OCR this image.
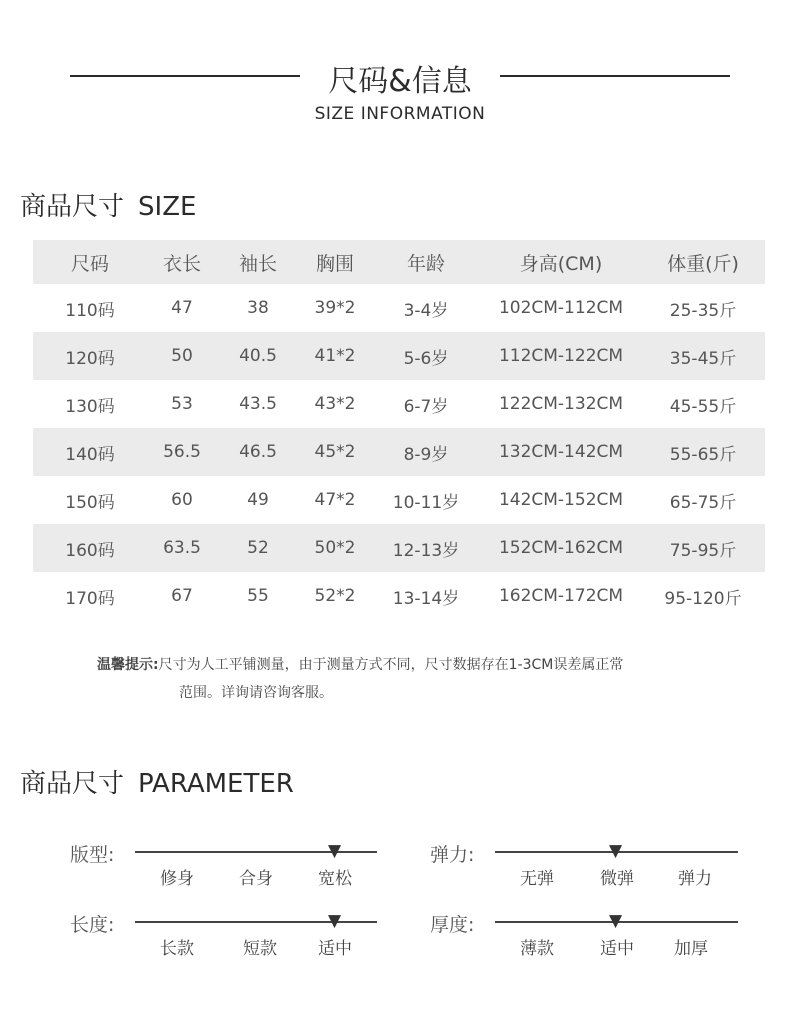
尺码&信息
SIZE INFORMATION
商品尺寸 SIZE
尺码	衣长	袖长	胸围	年龄	身高(CM)	体重(斤)
110码	47	38	39*2	3-4岁	102CM-112CM	25-35斤
120码	50	40.5	41*2	5-6岁	112CM-122CM	35-45斤
130码	53	43.5	43*2	6-7岁	122CM-132CM	45-55斤
140码	56.5	46.5	45*2	8-9岁	132CM-142CM	55-65斤
150码	60	49	47*2	10-11岁	142CM-152CM	65-75斤
160码	63.5	52	50*2	12-13岁	152CM-162CM	75-95斤
170码	67	55	52*2	13-14岁	162CM-172CM	95-120斤
温馨提示:尺寸为人工平铺测量，由于测量方式不同，尺寸数据存在1-3CM误差属正常
范围。详询请咨询客服。
商品尺寸 PARAMETER
版型:	▼
修身	合身	宽松
弹力:	▼
无弹	微弹	弹力
长度:	▼
长款	短款 适中
厚度:	▼
薄款	适中 加厚
